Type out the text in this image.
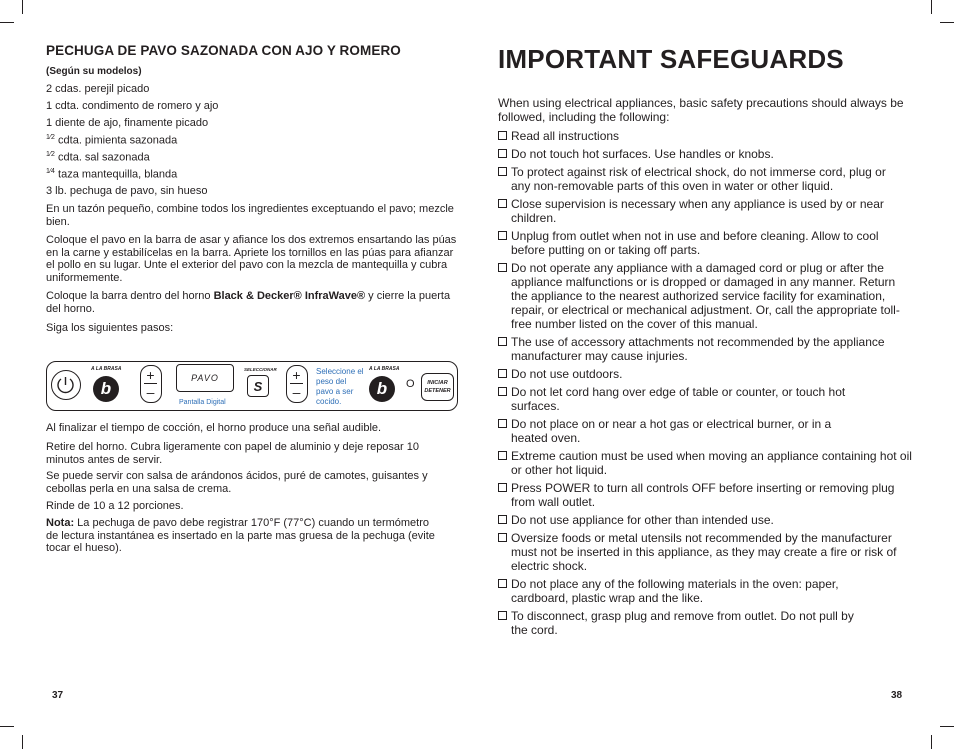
PECHUGA DE PAVO SAZONADA CON AJO Y ROMERO
(Según su modelos)
2 cdas. perejil picado
1 cdta. condimento de romero y ajo
1 diente de ajo, finamente picado
$^{1⁄2}$ cdta. pimienta sazonada
$^{1⁄2}$ cdta. sal sazonada
$^{1⁄4}$ taza mantequilla, blanda
3 lb. pechuga de pavo, sin hueso
En un tazón pequeño, combine todos los ingredientes exceptuando el pavo; mezcle bien.
Coloque el pavo en la barra de asar y afiance los dos extremos ensartando las púas en la carne y estabilícelas en la barra. Apriete los tornillos en las púas para afianzar el pollo en su lugar. Unte el exterior del pavo con la mezcla de mantequilla y cubra uniformemente.
Coloque la barra dentro del horno Black & Decker® InfraWave® y cierre la puerta del horno.
Siga los siguientes pasos:
A LA BRASA
b
+
–
PAVO
Pantalla Digital
SELECCIONAR
S
+
–
Seleccione el peso del pavo a ser cocido.
A LA BRASA
b	O	INICIAR
DETENER
Al finalizar el tiempo de cocción, el horno produce una señal audible.
Retire del horno. Cubra ligeramente con papel de aluminio y deje reposar 10 minutos antes de servir.
Se puede servir con salsa de arándonos ácidos, puré de camotes, guisantes y cebollas perla en una salsa de crema.
Rinde de 10 a 12 porciones.
Nota: La pechuga de pavo debe registrar 170°F (77°C) cuando un termómetro de lectura instantánea es insertado en la parte mas gruesa de la pechuga (evite tocar el hueso).
37
IMPORTANT SAFEGUARDS
When using electrical appliances, basic safety precautions should always be followed, including the following:
Read all instructions
Do not touch hot surfaces. Use handles or knobs.
To protect against risk of electrical shock, do not immerse cord, plug or any non-removable parts of this oven in water or other liquid.
Close supervision is necessary when any appliance is used by or near children.
Unplug from outlet when not in use and before cleaning. Allow to cool before putting on or taking off parts.
Do not operate any appliance with a damaged cord or plug or after the appliance malfunctions or is dropped or damaged in any manner. Return the appliance to the nearest authorized service facility for examination, repair, or electrical or mechanical adjustment. Or, call the appropriate toll-free number listed on the cover of this manual.
The use of accessory attachments not recommended by the appliance manufacturer may cause injuries.
Do not use outdoors.
Do not let cord hang over edge of table or counter, or touch hot surfaces.
Do not place on or near a hot gas or electrical burner, or in a heated oven.
Extreme caution must be used when moving an appliance containing hot oil or other hot liquid.
Press POWER to turn all controls OFF before inserting or removing plug from wall outlet.
Do not use appliance for other than intended use.
Oversize foods or metal utensils not recommended by the manufacturer must not be inserted in this appliance, as they may create a fire or risk of electric shock.
Do not place any of the following materials in the oven: paper, cardboard, plastic wrap and the like.
To disconnect, grasp plug and remove from outlet. Do not pull by the cord.
38
